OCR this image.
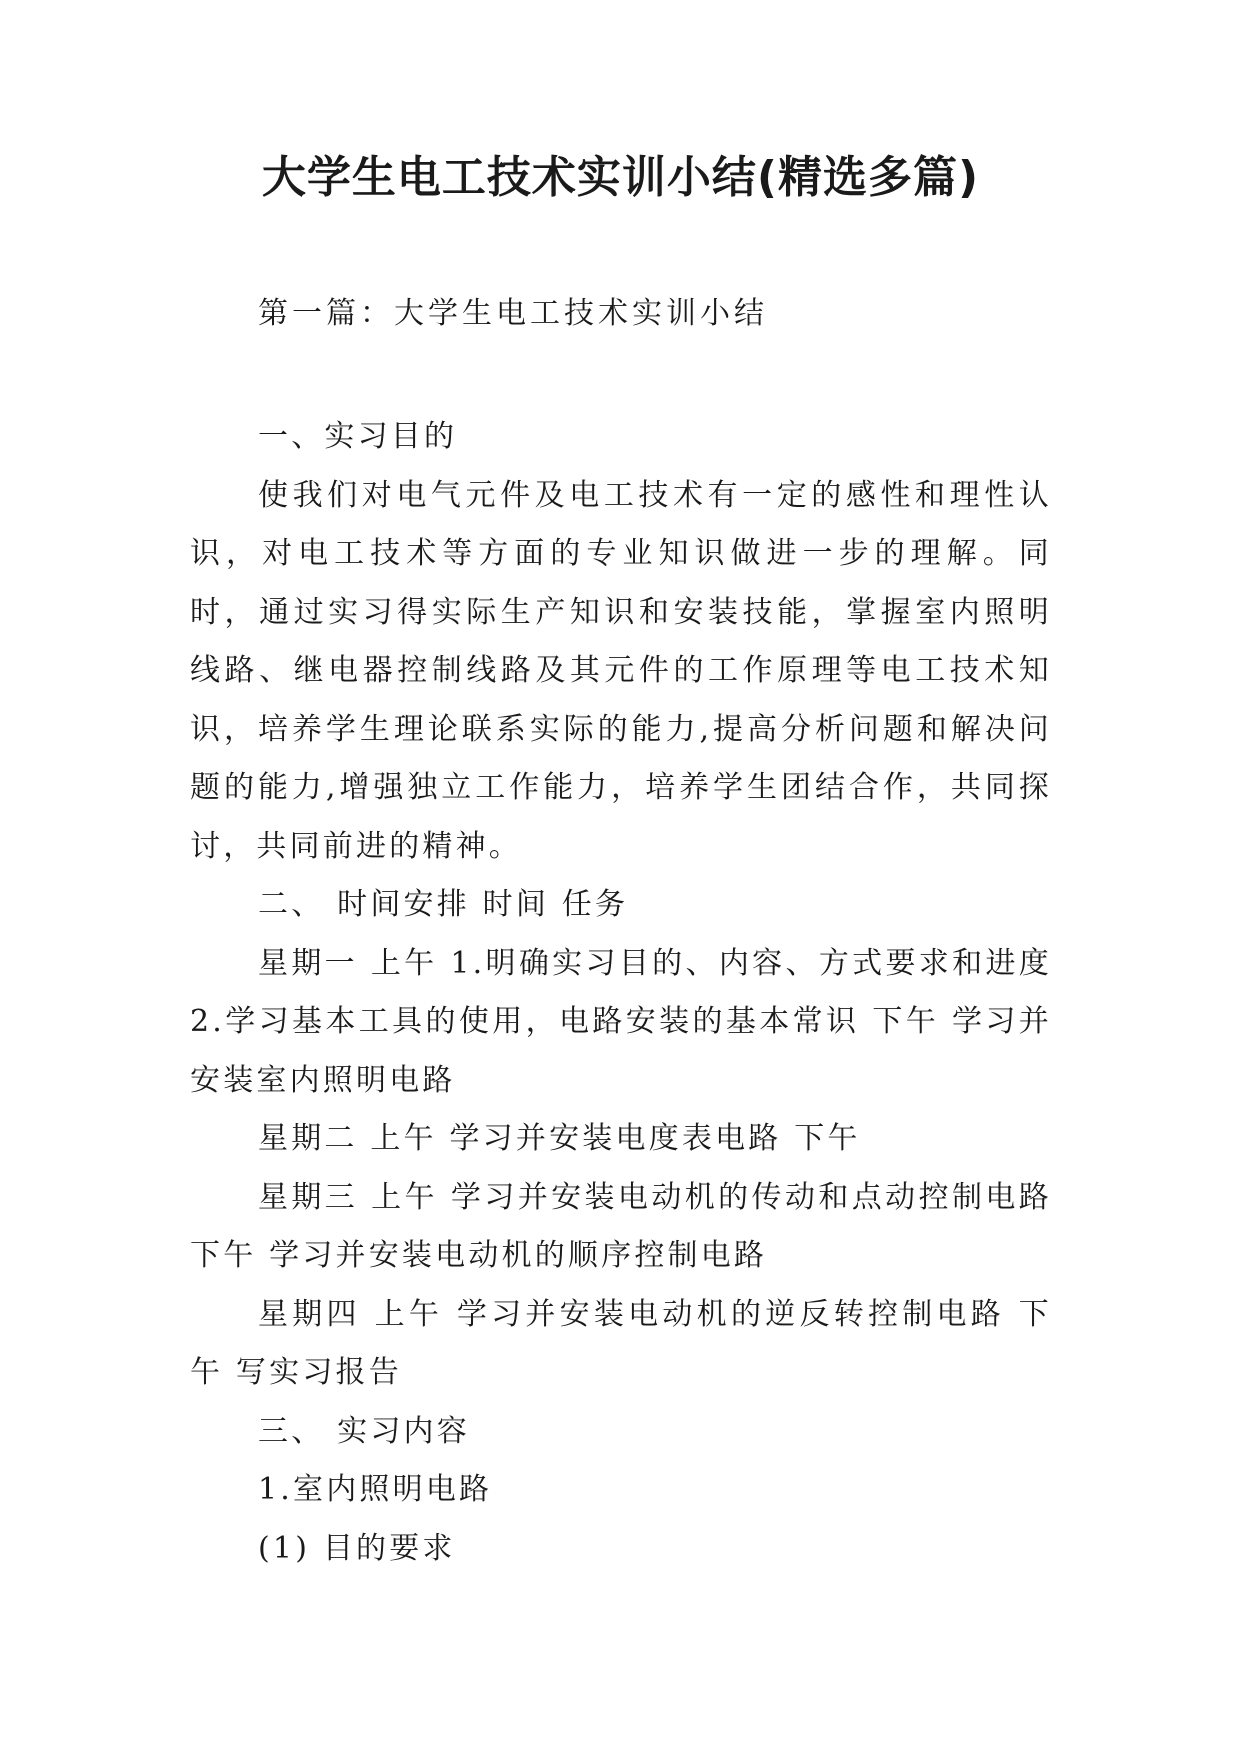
大学生电工技术实训小结(精选多篇)
第一篇：大学生电工技术实训小结

一、实习目的

使我们对电气元件及电工技术有一定的感性和理性认识，对电工技术等方面的专业知识做进一步的理解。同时，通过实习得实际生产知识和安装技能，掌握室内照明线路、继电器控制线路及其元件的工作原理等电工技术知识，培养学生理论联系实际的能力,提高分析问题和解决问题的能力,增强独立工作能力，培养学生团结合作，共同探讨，共同前进的精神。

二、 时间安排 时间 任务

星期一 上午 1.明确实习目的、内容、方式要求和进度 2.学习基本工具的使用，电路安装的基本常识 下午 学习并安装室内照明电路

星期二 上午 学习并安装电度表电路 下午

星期三 上午 学习并安装电动机的传动和点动控制电路 下午 学习并安装电动机的顺序控制电路

星期四 上午 学习并安装电动机的逆反转控制电路 下午 写实习报告

三、 实习内容

1.室内照明电路

(1) 目的要求
